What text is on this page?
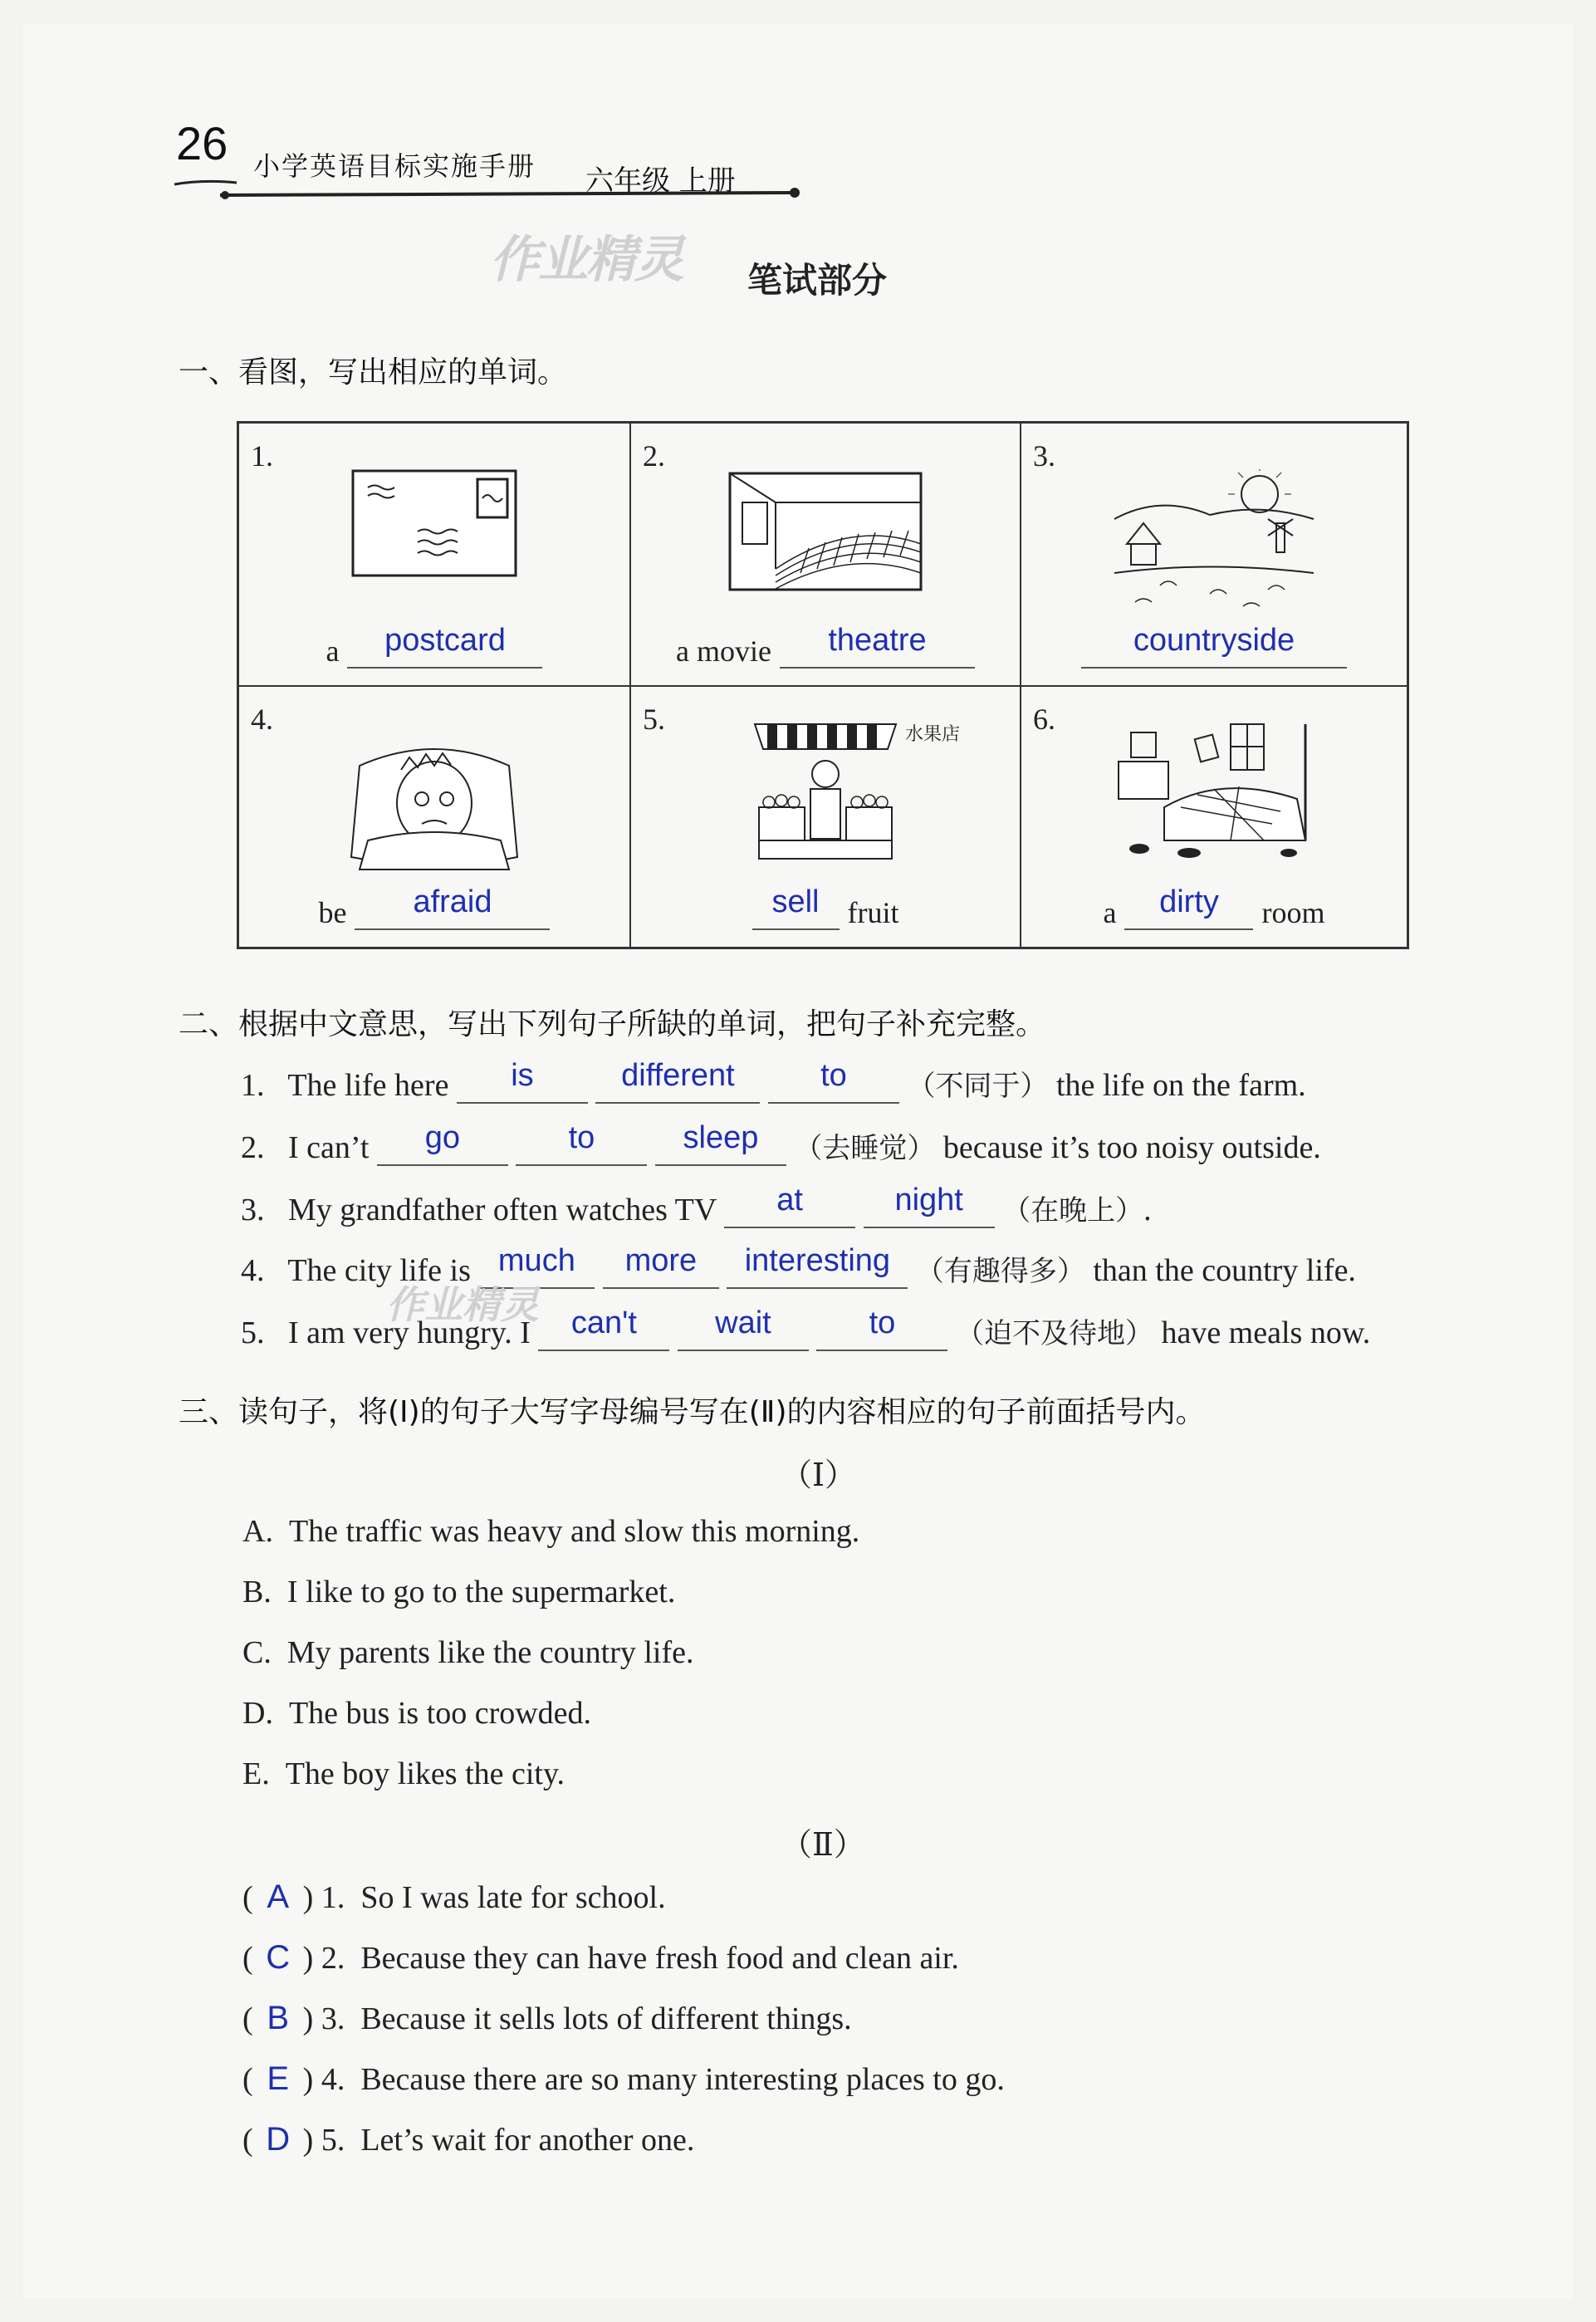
26 小学英语目标实施手册 六年级 上册
作业精灵 笔试部分
一、看图，写出相应的单词。
1.
a	postcard
2.
a movie	theatre
3.
countryside
4.
be	afraid
5.	水果店
sell fruit
6.
a	dirty	room
二、根据中文意思，写出下列句子所缺的单词，把句子补充完整。
1. The life here is	different	to （不同于） the life on the farm.
2. I can’t go	to	sleep （去睡觉） because it’s too noisy outside.
3. My grandfather often watches TV at	night （在晚上）.
4. The city life is much more interesting （有趣得多） than the country life.
作业精灵
5. I am very hungry. I can't wait	to （迫不及待地） have meals now.
三、读句子，将(Ⅰ)的句子大写字母编号写在(Ⅱ)的内容相应的句子前面括号内。
（Ⅰ）
A. The traffic was heavy and slow this morning.
B. I like to go to the supermarket.
C. My parents like the country life.
D. The bus is too crowded.
E. The boy likes the city.
（Ⅱ）
( A ) 1. So I was late for school.
( C ) 2. Because they can have fresh food and clean air.
( B ) 3. Because it sells lots of different things.
( E ) 4. Because there are so many interesting places to go.
( D ) 5. Let’s wait for another one.
